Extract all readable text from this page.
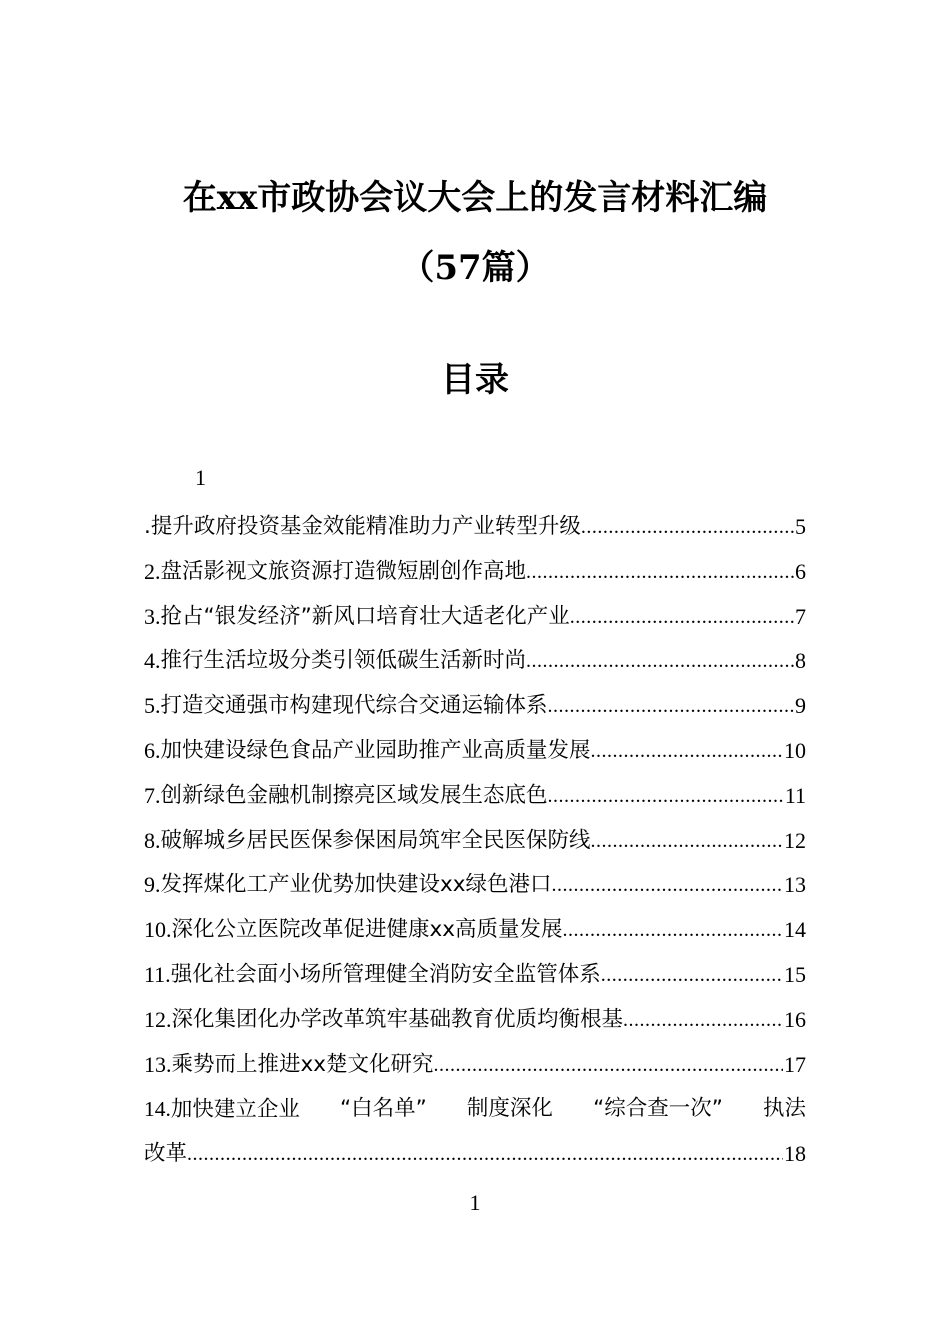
在xx市政协会议大会上的发言材料汇编
（57篇）
目录
1
.提升政府投资基金效能精准助力产业转型升级 .....	5
2. 盘活影视文旅资源打造微短剧创作高地 .....	6
3. 抢占“银发经济”新风口培育壮大适老化产业 .....	7
4. 推行生活垃圾分类引领低碳生活新时尚 .....	8
5. 打造交通强市构建现代综合交通运输体系 .....	9
6. 加快建设绿色食品产业园助推产业高质量发展 .....	10
7. 创新绿色金融机制擦亮区域发展生态底色 .....	11
8. 破解城乡居民医保参保困局筑牢全民医保防线 .....	12
9. 发挥煤化工产业优势加快建设xx绿色港口 .....	13
10. 深化公立医院改革促进健康xx高质量发展 .....	14
11. 强化社会面小场所管理健全消防安全监管体系 .....	15
12. 深化集团化办学改革筑牢基础教育优质均衡根基 .....	16
13. 乘势而上推进xx楚文化研究 .....	17
14.加快建立企业 “白名单” 制度深化 “综合查一次” 执法
改革 .....	18
1
